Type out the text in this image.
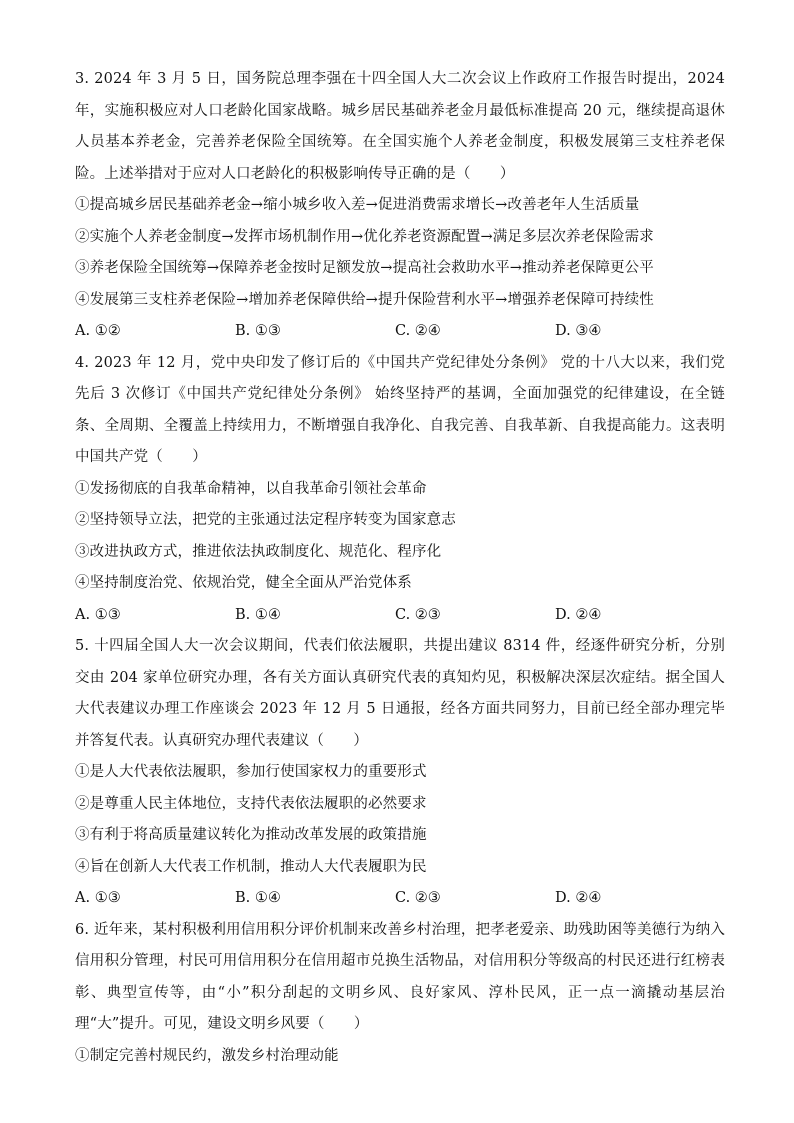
3. 2024 年 3 月 5 日，国务院总理李强在十四全国人大二次会议上作政府工作报告时提出，2024 年，实施积极应对人口老龄化国家战略。城乡居民基础养老金月最低标准提高 20 元，继续提高退休人员基本养老金，完善养老保险全国统筹。在全国实施个人养老金制度，积极发展第三支柱养老保险。上述举措对于应对人口老龄化的积极影响传导正确的是（　　）

①提高城乡居民基础养老金→缩小城乡收入差→促进消费需求增长→改善老年人生活质量

②实施个人养老金制度→发挥市场机制作用→优化养老资源配置→满足多层次养老保险需求

③养老保险全国统筹→保障养老金按时足额发放→提高社会救助水平→推动养老保障更公平

④发展第三支柱养老保险→增加养老保障供给→提升保险营利水平→增强养老保障可持续性

A. ①②	B. ①③	C. ②④	D. ③④

4. 2023 年 12 月，党中央印发了修订后的《中国共产党纪律处分条例》 党的十八大以来，我们党先后 3 次修订《中国共产党纪律处分条例》 始终坚持严的基调，全面加强党的纪律建设，在全链条、全周期、全覆盖上持续用力，不断增强自我净化、自我完善、自我革新、自我提高能力。这表明中国共产党（　　）

①发扬彻底的自我革命精神，以自我革命引领社会革命

②坚持领导立法，把党的主张通过法定程序转变为国家意志

③改进执政方式，推进依法执政制度化、规范化、程序化

④坚持制度治党、依规治党，健全全面从严治党体系

A. ①③	B. ①④	C. ②③	D. ②④

5. 十四届全国人大一次会议期间，代表们依法履职，共提出建议 8314 件，经逐件研究分析，分别交由 204 家单位研究办理，各有关方面认真研究代表的真知灼见，积极解决深层次症结。据全国人大代表建议办理工作座谈会 2023 年 12 月 5 日通报，经各方面共同努力，目前已经全部办理完毕并答复代表。认真研究办理代表建议（　　）

①是人大代表依法履职，参加行使国家权力的重要形式

②是尊重人民主体地位，支持代表依法履职的必然要求

③有利于将高质量建议转化为推动改革发展的政策措施

④旨在创新人大代表工作机制，推动人大代表履职为民

A. ①③	B. ①④	C. ②③	D. ②④

6. 近年来，某村积极利用信用积分评价机制来改善乡村治理，把孝老爱亲、助残助困等美德行为纳入信用积分管理，村民可用信用积分在信用超市兑换生活物品，对信用积分等级高的村民还进行红榜表彰、典型宣传等，由“小”积分刮起的文明乡风、良好家风、淳朴民风，正一点一滴撬动基层治理“大”提升。可见，建设文明乡风要（　　）

①制定完善村规民约，激发乡村治理动能
